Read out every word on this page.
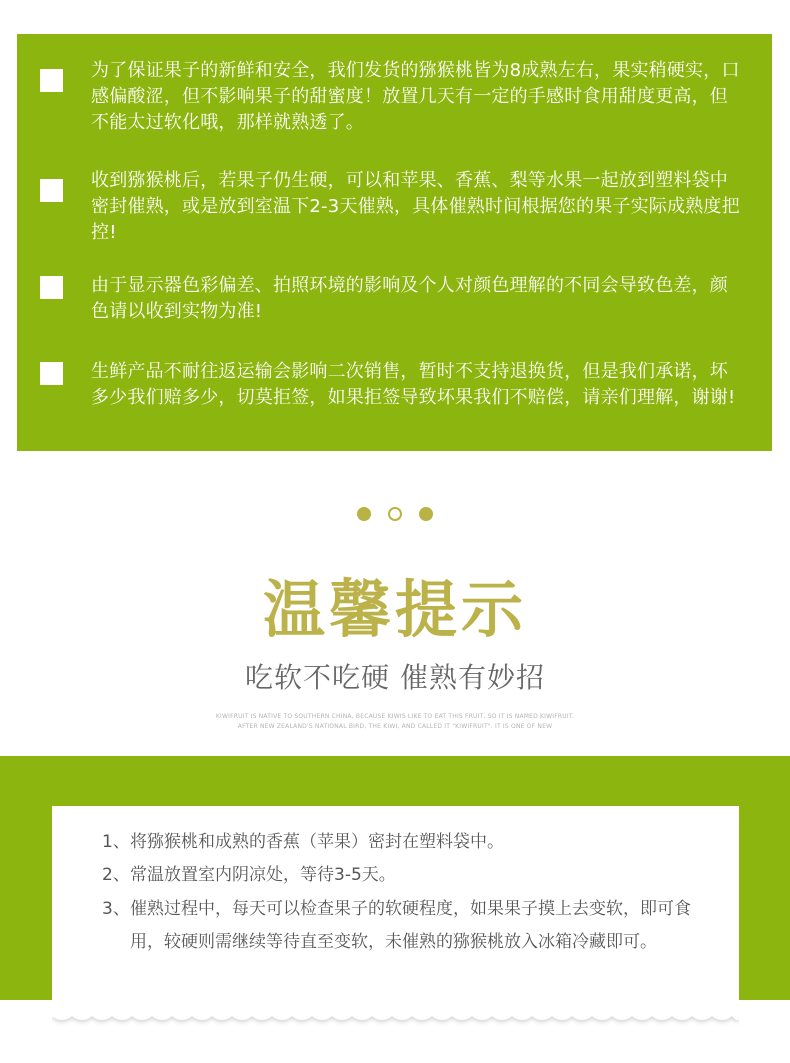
为了保证果子的新鲜和安全，我们发货的猕猴桃皆为8成熟左右，果实稍硬实，口感偏酸涩，但不影响果子的甜蜜度！放置几天有一定的手感时食用甜度更高，但不能太过软化哦，那样就熟透了。
收到猕猴桃后，若果子仍生硬，可以和苹果、香蕉、梨等水果一起放到塑料袋中密封催熟，或是放到室温下2-3天催熟，具体催熟时间根据您的果子实际成熟度把控!
由于显示器色彩偏差、拍照环境的影响及个人对颜色理解的不同会导致色差，颜色请以收到实物为准!
生鲜产品不耐往返运输会影响二次销售，暂时不支持退换货，但是我们承诺，坏多少我们赔多少，切莫拒签，如果拒签导致坏果我们不赔偿，请亲们理解，谢谢!
温馨提示
吃软不吃硬 催熟有妙招
KIWIFRUIT IS NATIVE TO SOUTHERN CHINA, BECAUSE KIWIS LIKE TO EAT THIS FRUIT, SO IT IS NAMED KIWIFRUIT.
AFTER NEW ZEALAND'S NATIONAL BIRD, THE KIWI, AND CALLED IT "KIWIFRUIT". IT IS ONE OF NEW
1、 将猕猴桃和成熟的香蕉（苹果）密封在塑料袋中。
2、 常温放置室内阴凉处，等待3-5天。
3、 催熟过程中，每天可以检查果子的软硬程度，如果果子摸上去变软，即可食用，较硬则需继续等待直至变软，未催熟的猕猴桃放入冰箱冷藏即可。
